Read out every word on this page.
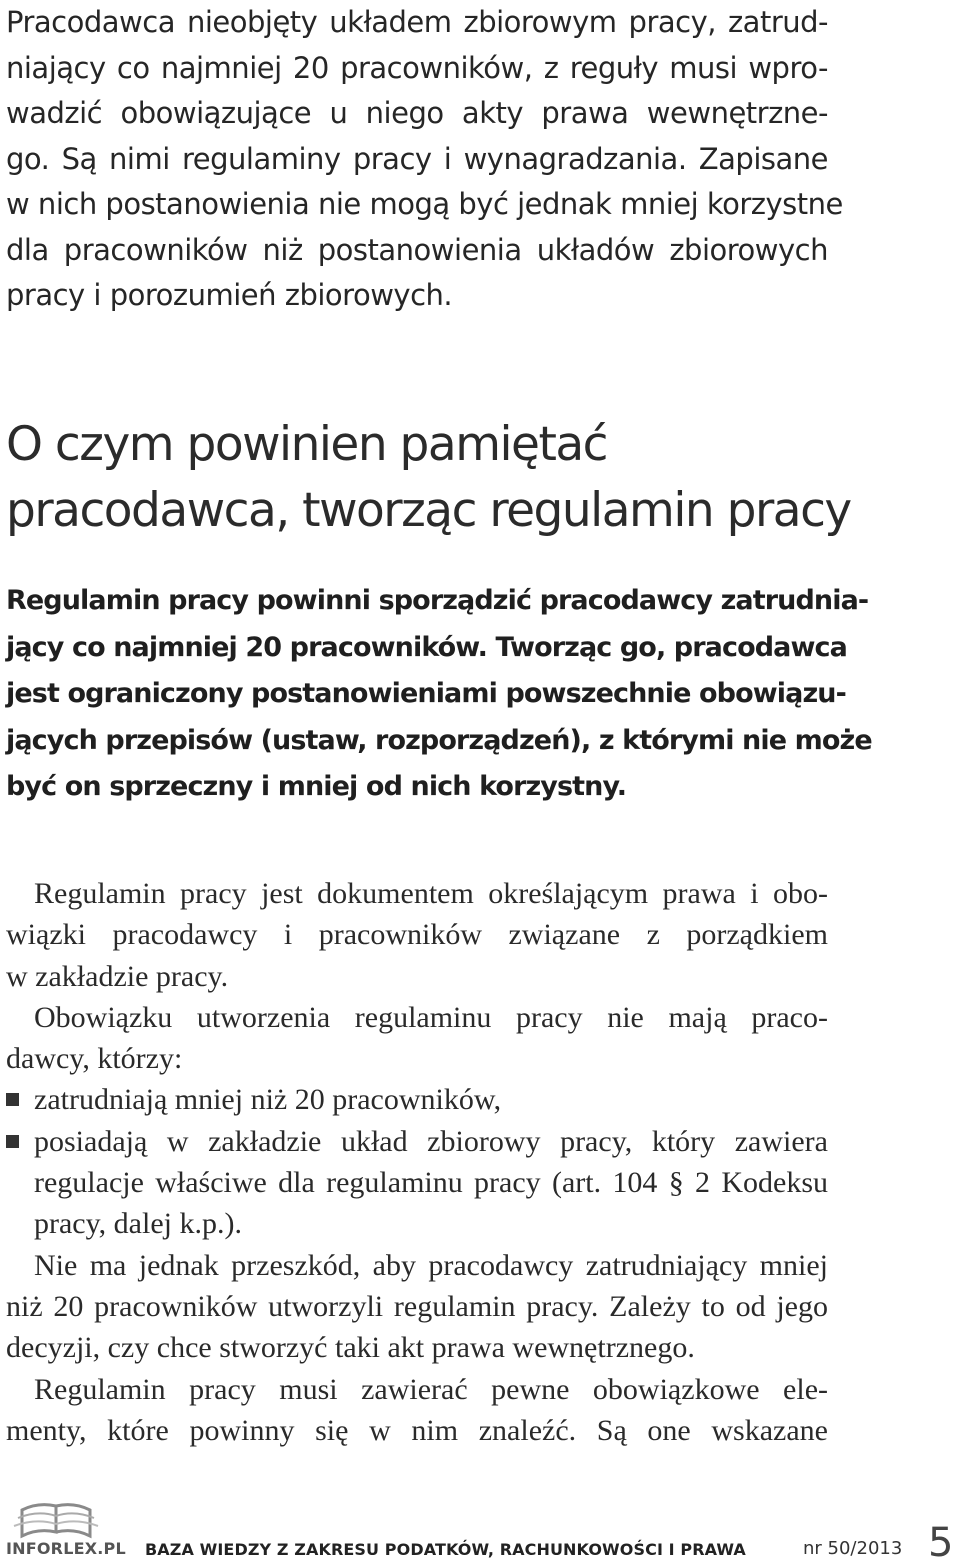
Pracodawca nieobjęty układem zbiorowym pracy, zatrud-
niający co najmniej 20 pracowników, z reguły musi wpro-
wadzić obowiązujące u niego akty prawa wewnętrzne-
go. Są nimi regulaminy pracy i wynagradzania. Zapisane
w nich postanowienia nie mogą być jednak mniej korzystne
dla pracowników niż postanowienia układów zbiorowych
pracy i porozumień zbiorowych.
O czym powinien pamiętać
pracodawca, tworząc regulamin pracy
Regulamin pracy powinni sporządzić pracodawcy zatrudnia-
jący co najmniej 20 pracowników. Tworząc go, pracodawca
jest ograniczony postanowieniami powszechnie obowiązu-
jących przepisów (ustaw, rozporządzeń), z którymi nie może
być on sprzeczny i mniej od nich korzystny.
Regulamin pracy jest dokumentem określającym prawa i obo-
wiązki pracodawcy i pracowników związane z porządkiem
w zakładzie pracy.
Obowiązku utworzenia regulaminu pracy nie mają praco-
dawcy, którzy:
zatrudniają mniej niż 20 pracowników,
posiadają w zakładzie układ zbiorowy pracy, który zawiera
regulacje właściwe dla regulaminu pracy (art. 104 § 2 Kodeksu
pracy, dalej k.p.).
Nie ma jednak przeszkód, aby pracodawcy zatrudniający mniej
niż 20 pracowników utworzyli regulamin pracy. Zależy to od jego
decyzji, czy chce stworzyć taki akt prawa wewnętrznego.
Regulamin pracy musi zawierać pewne obowiązkowe ele-
menty, które powinny się w nim znaleźć. Są one wskazane
INFORLEX.PL BAZA WIEDZY Z ZAKRESU PODATKÓW, RACHUNKOWOŚCI I PRAWA	nr 50/2013 5
